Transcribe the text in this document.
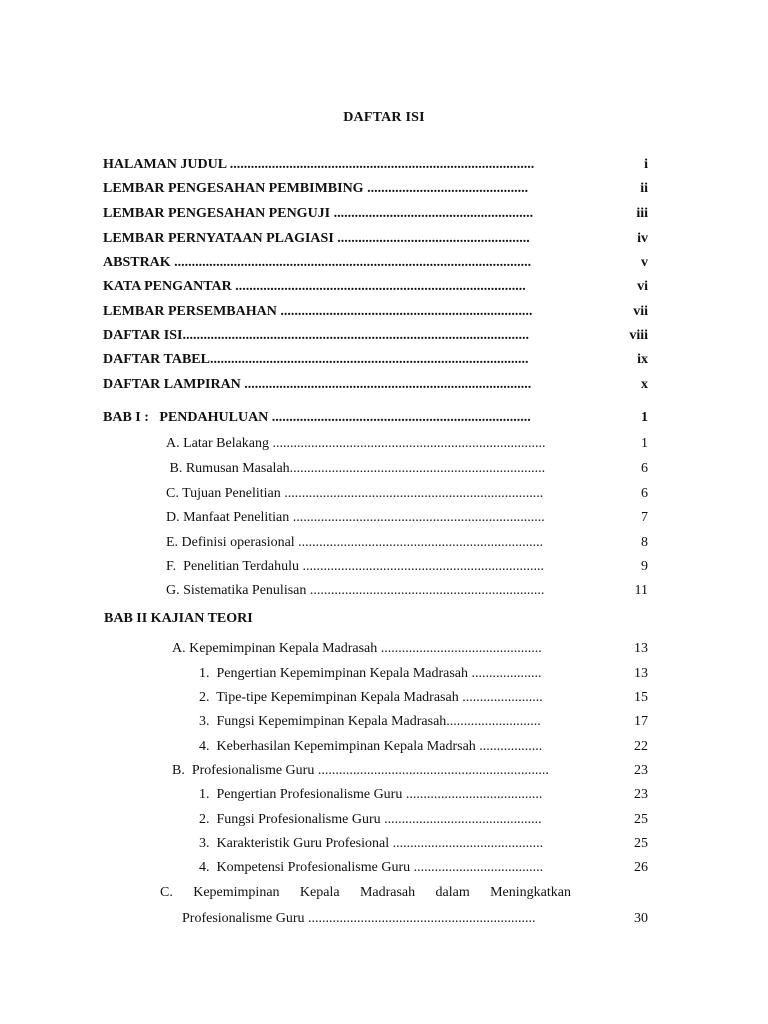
DAFTAR ISI
HALAMAN JUDUL .......................................................................................	i
LEMBAR PENGESAHAN PEMBIMBING ..............................................	ii
LEMBAR PENGESAHAN PENGUJI .........................................................	iii
LEMBAR PERNYATAAN PLAGIASI .......................................................	iv
ABSTRAK ......................................................................................................	v
KATA PENGANTAR ...................................................................................	vi
LEMBAR PERSEMBAHAN ........................................................................	vii
DAFTAR ISI...................................................................................................	viii
DAFTAR TABEL...........................................................................................	ix
DAFTAR LAMPIRAN ..................................................................................	x
BAB I :   PENDAHULUAN ..........................................................................	1
A. Latar Belakang ..............................................................................	1
B. Rumusan Masalah.........................................................................	6
C. Tujuan Penelitian ..........................................................................	6
D. Manfaat Penelitian ........................................................................	7
E. Definisi operasional ......................................................................	8
F.  Penelitian Terdahulu .....................................................................	9
G. Sistematika Penulisan ...................................................................	11
BAB II KAJIAN TEORI
A. Kepemimpinan Kepala Madrasah ..............................................	13
1.  Pengertian Kepemimpinan Kepala Madrasah ....................	13
2.  Tipe-tipe Kepemimpinan Kepala Madrasah .......................	15
3.  Fungsi Kepemimpinan Kepala Madrasah...........................	17
4.  Keberhasilan Kepemimpinan Kepala Madrsah ..................	22
B.  Profesionalisme Guru ..................................................................	23
1.  Pengertian Profesionalisme Guru .......................................	23
2.  Fungsi Profesionalisme Guru .............................................	25
3.  Karakteristik Guru Profesional ...........................................	25
4.  Kompetensi Profesionalisme Guru .....................................	26
C. Kepemimpinan Kepala Madrasah dalam Meningkatkan
Profesionalisme Guru .................................................................	30
